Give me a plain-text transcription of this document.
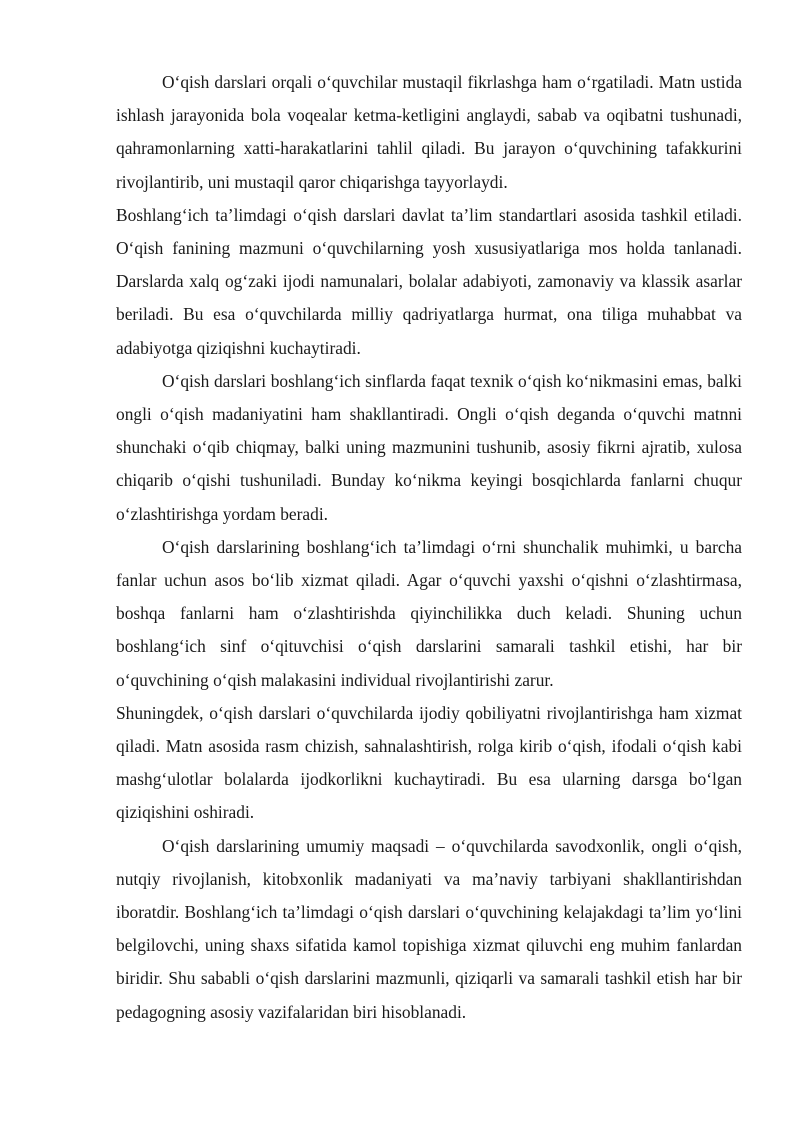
O‘qish darslari orqali o‘quvchilar mustaqil fikrlashga ham o‘rgatiladi. Matn ustida ishlash jarayonida bola voqealar ketma-ketligini anglaydi, sabab va oqibatni tushunadi, qahramonlarning xatti-harakatlarini tahlil qiladi. Bu jarayon o‘quvchining tafakkurini rivojlantirib, uni mustaqil qaror chiqarishga tayyorlaydi.

Boshlang‘ich ta’limdagi o‘qish darslari davlat ta’lim standartlari asosida tashkil etiladi. O‘qish fanining mazmuni o‘quvchilarning yosh xususiyatlariga mos holda tanlanadi. Darslarda xalq og‘zaki ijodi namunalari, bolalar adabiyoti, zamonaviy va klassik asarlar beriladi. Bu esa o‘quvchilarda milliy qadriyatlarga hurmat, ona tiliga muhabbat va adabiyotga qiziqishni kuchaytiradi.

O‘qish darslari boshlang‘ich sinflarda faqat texnik o‘qish ko‘nikmasini emas, balki ongli o‘qish madaniyatini ham shakllantiradi. Ongli o‘qish deganda o‘quvchi matnni shunchaki o‘qib chiqmay, balki uning mazmunini tushunib, asosiy fikrni ajratib, xulosa chiqarib o‘qishi tushuniladi. Bunday ko‘nikma keyingi bosqichlarda fanlarni chuqur o‘zlashtirishga yordam beradi.

O‘qish darslarining boshlang‘ich ta’limdagi o‘rni shunchalik muhimki, u barcha fanlar uchun asos bo‘lib xizmat qiladi. Agar o‘quvchi yaxshi o‘qishni o‘zlashtirmasa, boshqa fanlarni ham o‘zlashtirishda qiyinchilikka duch keladi. Shuning uchun boshlang‘ich sinf o‘qituvchisi o‘qish darslarini samarali tashkil etishi, har bir o‘quvchining o‘qish malakasini individual rivojlantirishi zarur.

Shuningdek, o‘qish darslari o‘quvchilarda ijodiy qobiliyatni rivojlantirishga ham xizmat qiladi. Matn asosida rasm chizish, sahnalashtirish, rolga kirib o‘qish, ifodali o‘qish kabi mashg‘ulotlar bolalarda ijodkorlikni kuchaytiradi. Bu esa ularning darsga bo‘lgan qiziqishini oshiradi.

O‘qish darslarining umumiy maqsadi – o‘quvchilarda savodxonlik, ongli o‘qish, nutqiy rivojlanish, kitobxonlik madaniyati va ma’naviy tarbiyani shakllantirishdan iboratdir. Boshlang‘ich ta’limdagi o‘qish darslari o‘quvchining kelajakdagi ta’lim yo‘lini belgilovchi, uning shaxs sifatida kamol topishiga xizmat qiluvchi eng muhim fanlardan biridir. Shu sababli o‘qish darslarini mazmunli, qiziqarli va samarali tashkil etish har bir pedagogning asosiy vazifalaridan biri hisoblanadi.
